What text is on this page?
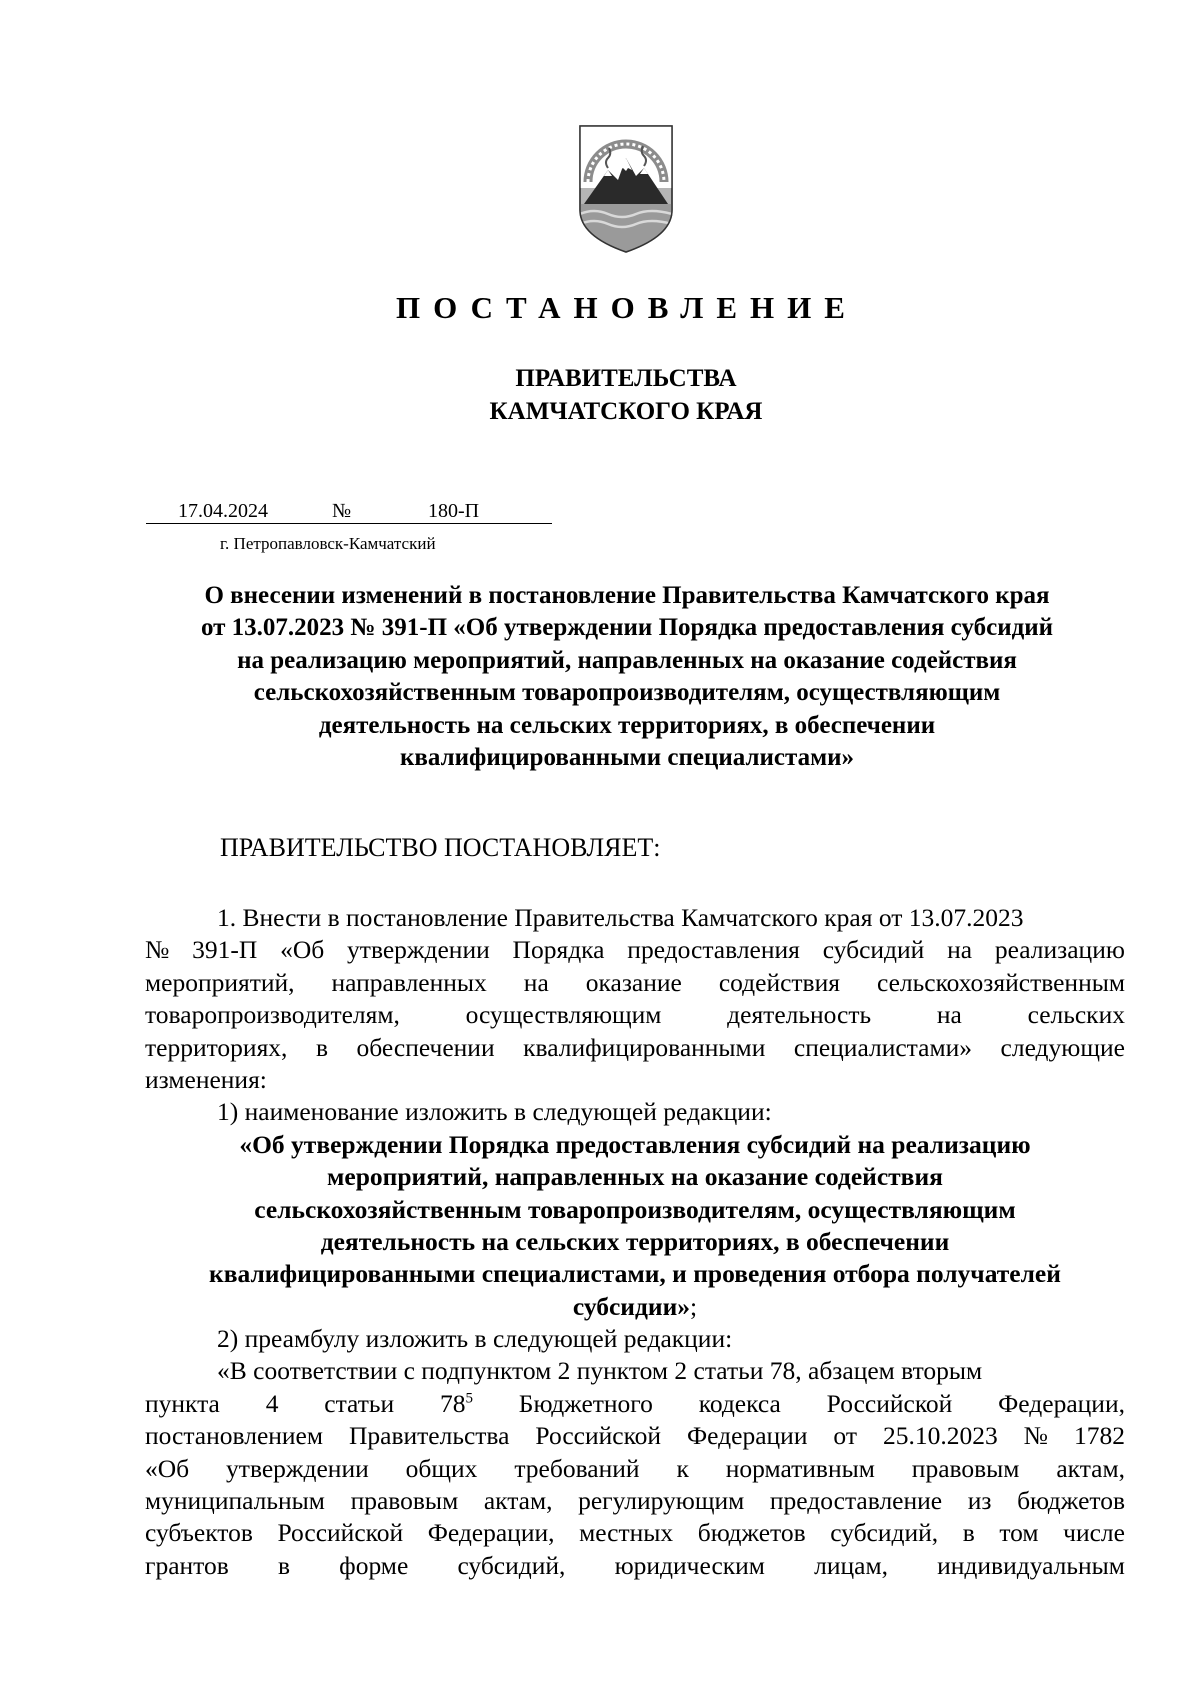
ПОСТАНОВЛЕНИЕ
ПРАВИТЕЛЬСТВА
КАМЧАТСКОГО КРАЯ
17.04.2024	№	180-П
г. Петропавловск-Камчатский
О внесении изменений в постановление Правительства Камчатского края
от 13.07.2023 № 391-П «Об утверждении Порядка предоставления субсидий
на реализацию мероприятий, направленных на оказание содействия
сельскохозяйственным товаропроизводителям, осуществляющим
деятельность на сельских территориях, в обеспечении
квалифицированными специалистами»
ПРАВИТЕЛЬСТВО ПОСТАНОВЛЯЕТ:
1. Внести в постановление Правительства Камчатского края от 13.07.2023
№ 391-П «Об утверждении Порядка предоставления субсидий на реализацию
мероприятий, направленных на оказание содействия сельскохозяйственным
товаропроизводителям,	осуществляющим	деятельность	на	сельских
территориях, в обеспечении квалифицированными специалистами» следующие
изменения:
1) наименование изложить в следующей редакции:
«Об утверждении Порядка предоставления субсидий на реализацию
мероприятий, направленных на оказание содействия
сельскохозяйственным товаропроизводителям, осуществляющим
деятельность на сельских территориях, в обеспечении
квалифицированными специалистами, и проведения отбора получателей
субсидии»;
2) преамбулу изложить в следующей редакции:
«В соответствии с подпунктом 2 пунктом 2 статьи 78, абзацем вторым
пункта 4 статьи $78^5$ Бюджетного кодекса Российской Федерации,
постановлением Правительства Российской Федерации от 25.10.2023 № 1782
«Об утверждении общих требований к нормативным правовым актам,
муниципальным правовым актам, регулирующим предоставление из бюджетов
субъектов Российской Федерации, местных бюджетов субсидий, в том числе
грантов в форме субсидий, юридическим лицам, индивидуальным
